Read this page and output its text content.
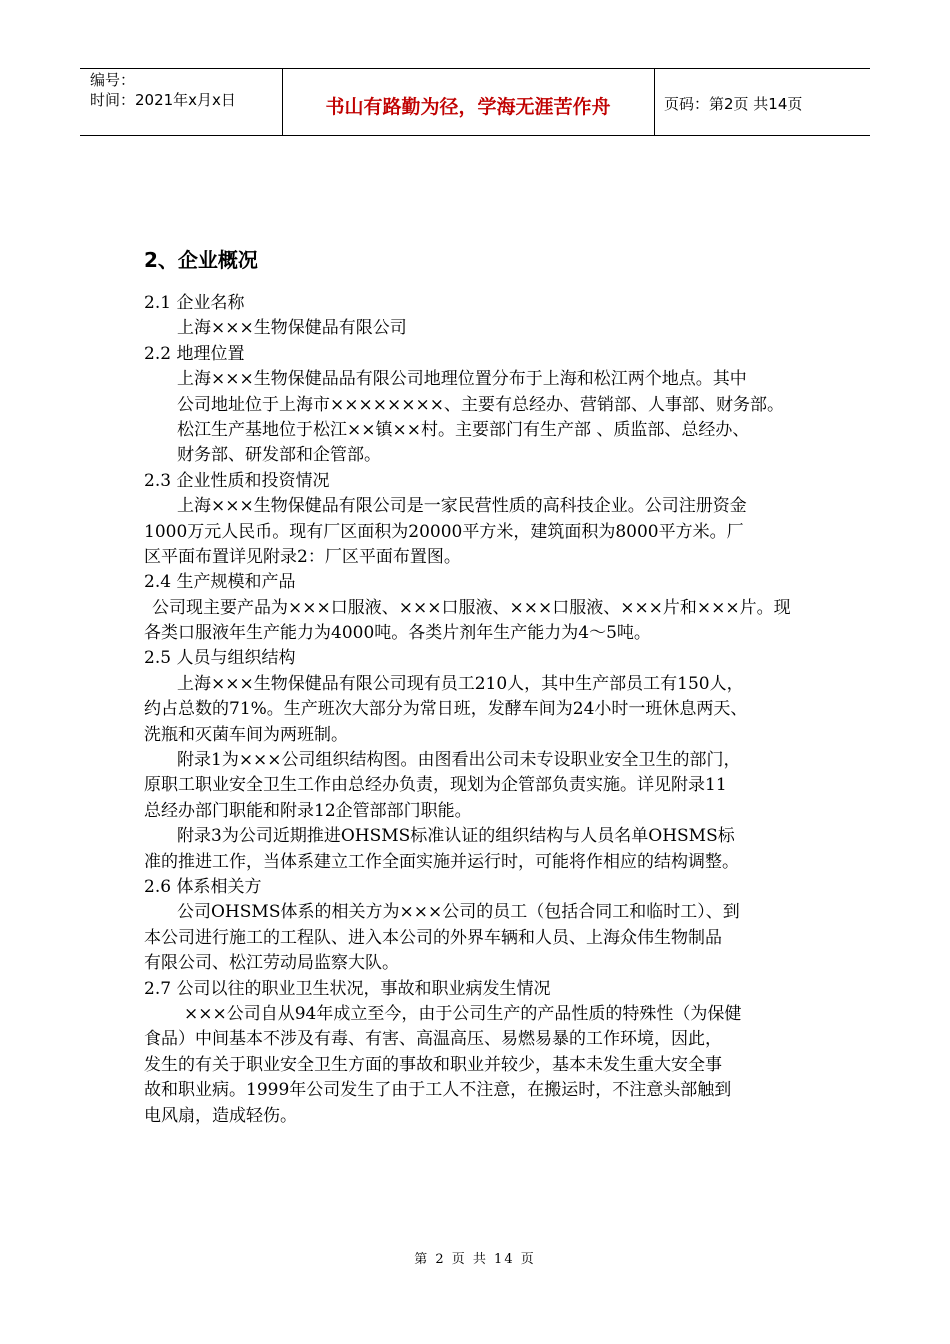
编号：
时间：2021年x月x日	书山有路勤为径，学海无涯苦作舟	页码：第2页 共14页
2、企业概况
2.1 企业名称
上海×××生物保健品有限公司
2.2 地理位置
上海×××生物保健品品有限公司地理位置分布于上海和松江两个地点。其中
公司地址位于上海市××××××××、主要有总经办、营销部、人事部、财务部。
松江生产基地位于松江××镇××村。主要部门有生产部 、质监部、总经办、
财务部、研发部和企管部。
2.3 企业性质和投资情况
上海×××生物保健品有限公司是一家民营性质的高科技企业。公司注册资金
1000万元人民币。现有厂区面积为20000平方米，建筑面积为8000平方米。厂
区平面布置详见附录2：厂区平面布置图。
2.4 生产规模和产品
公司现主要产品为×××口服液、×××口服液、×××口服液、×××片和×××片。现
各类口服液年生产能力为4000吨。各类片剂年生产能力为4～5吨。
2.5 人员与组织结构
上海×××生物保健品有限公司现有员工210人，其中生产部员工有150人，
约占总数的71%。生产班次大部分为常日班，发酵车间为24小时一班休息两天、
洗瓶和灭菌车间为两班制。
附录1为×××公司组织结构图。由图看出公司未专设职业安全卫生的部门，
原职工职业安全卫生工作由总经办负责，现划为企管部负责实施。详见附录11
总经办部门职能和附录12企管部部门职能。
附录3为公司近期推进OHSMS标准认证的组织结构与人员名单OHSMS标
准的推进工作，当体系建立工作全面实施并运行时，可能将作相应的结构调整。
2.6 体系相关方
公司OHSMS体系的相关方为×××公司的员工（包括合同工和临时工）、到
本公司进行施工的工程队、进入本公司的外界车辆和人员、上海众伟生物制品
有限公司、松江劳动局监察大队。
2.7 公司以往的职业卫生状况，事故和职业病发生情况
×××公司自从94年成立至今，由于公司生产的产品性质的特殊性（为保健
食品）中间基本不涉及有毒、有害、高温高压、易燃易暴的工作环境，因此，
发生的有关于职业安全卫生方面的事故和职业并较少，基本未发生重大安全事
故和职业病。1999年公司发生了由于工人不注意，在搬运时，不注意头部触到
电风扇，造成轻伤。
第 2 页 共 14 页
